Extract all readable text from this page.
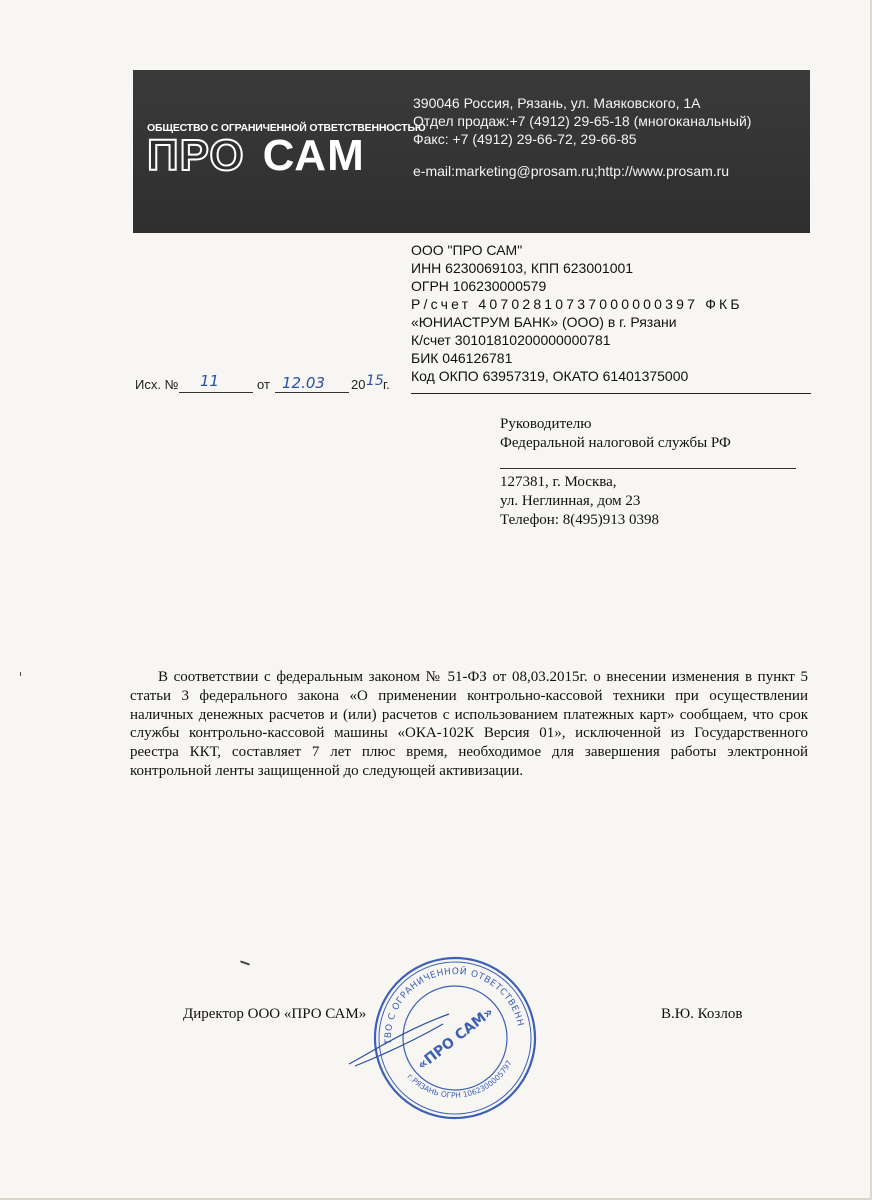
ОБЩЕСТВО С ОГРАНИЧЕННОЙ ОТВЕТСТВЕННОСТЬЮ
ПРО САМ
390046 Россия, Рязань, ул. Маяковского, 1А
Отдел продаж:+7 (4912) 29-65-18 (многоканальный)
Факс: +7 (4912) 29-66-72, 29-66-85
e-mail:marketing@prosam.ru;http://www.prosam.ru
ООО "ПРО САМ"
ИНН 6230069103, КПП 623001001
ОГРН 106230000579
Р/счет 40702810737000000397 ФКБ
«ЮНИАСТРУМ БАНК» (ООО) в г. Рязани
К/счет 30101810200000000781
БИК 046126781
Код ОКПО 63957319, ОКАТО 61401375000
Исх. №	от	20 г.
11	12.03	15
Руководителю
Федеральной налоговой службы РФ
127381, г. Москва,
ул. Неглинная, дом 23
Телефон: 8(495)913 0398
В соответствии с федеральным законом № 51-ФЗ от 08,03.2015г. о внесении изменения в пункт 5 статьи 3 федерального закона «О применении контрольно-кассовой техники при осуществлении наличных денежных расчетов и (или) расчетов с использованием платежных карт» сообщаем, что срок службы контрольно-кассовой машины «ОКА-102К Версия 01», исключенной из Государственного реестра ККТ, составляет 7 лет плюс время, необходимое для завершения работы электронной контрольной ленты защищенной до следующей активизации.
Директор ООО «ПРО САМ»	В.Ю. Козлов
ОБЩЕСТВО С ОГРАНИЧЕННОЙ ОТВЕТСТВЕННОСТЬЮ
г.РЯЗАНЬ ОГРН 1062300005797
«ПРО САМ»
